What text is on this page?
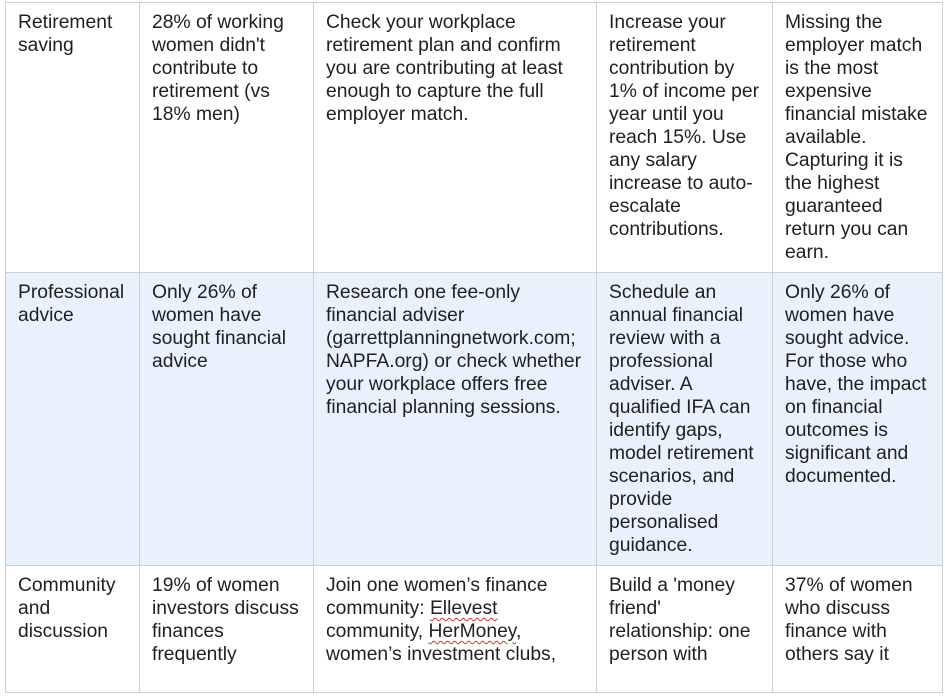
Retirement saving	28% of working women didn't contribute to retirement (vs 18% men)	Check your workplace retirement plan and confirm you are contributing at least enough to capture the full employer match.	Increase your retirement contribution by 1% of income per year until you reach 15%. Use any salary increase to auto-escalate contributions.	Missing the employer match is the most expensive financial mistake available. Capturing it is the highest guaranteed return you can earn.
Professional advice	Only 26% of women have sought financial advice	Research one fee-only financial adviser (garrettplanningnetwork.com; NAPFA.org) or check whether your workplace offers free financial planning sessions.	Schedule an annual financial review with a professional adviser. A qualified IFA can identify gaps, model retirement scenarios, and provide personalised guidance.	Only 26% of women have sought advice. For those who have, the impact on financial outcomes is significant and documented.
Community and discussion	19% of women investors discuss finances frequently	Join one women’s finance community: Ellevest community, HerMoney, women’s investment clubs,	Build a 'money friend' relationship: one person with	37% of women who discuss finance with others say it
